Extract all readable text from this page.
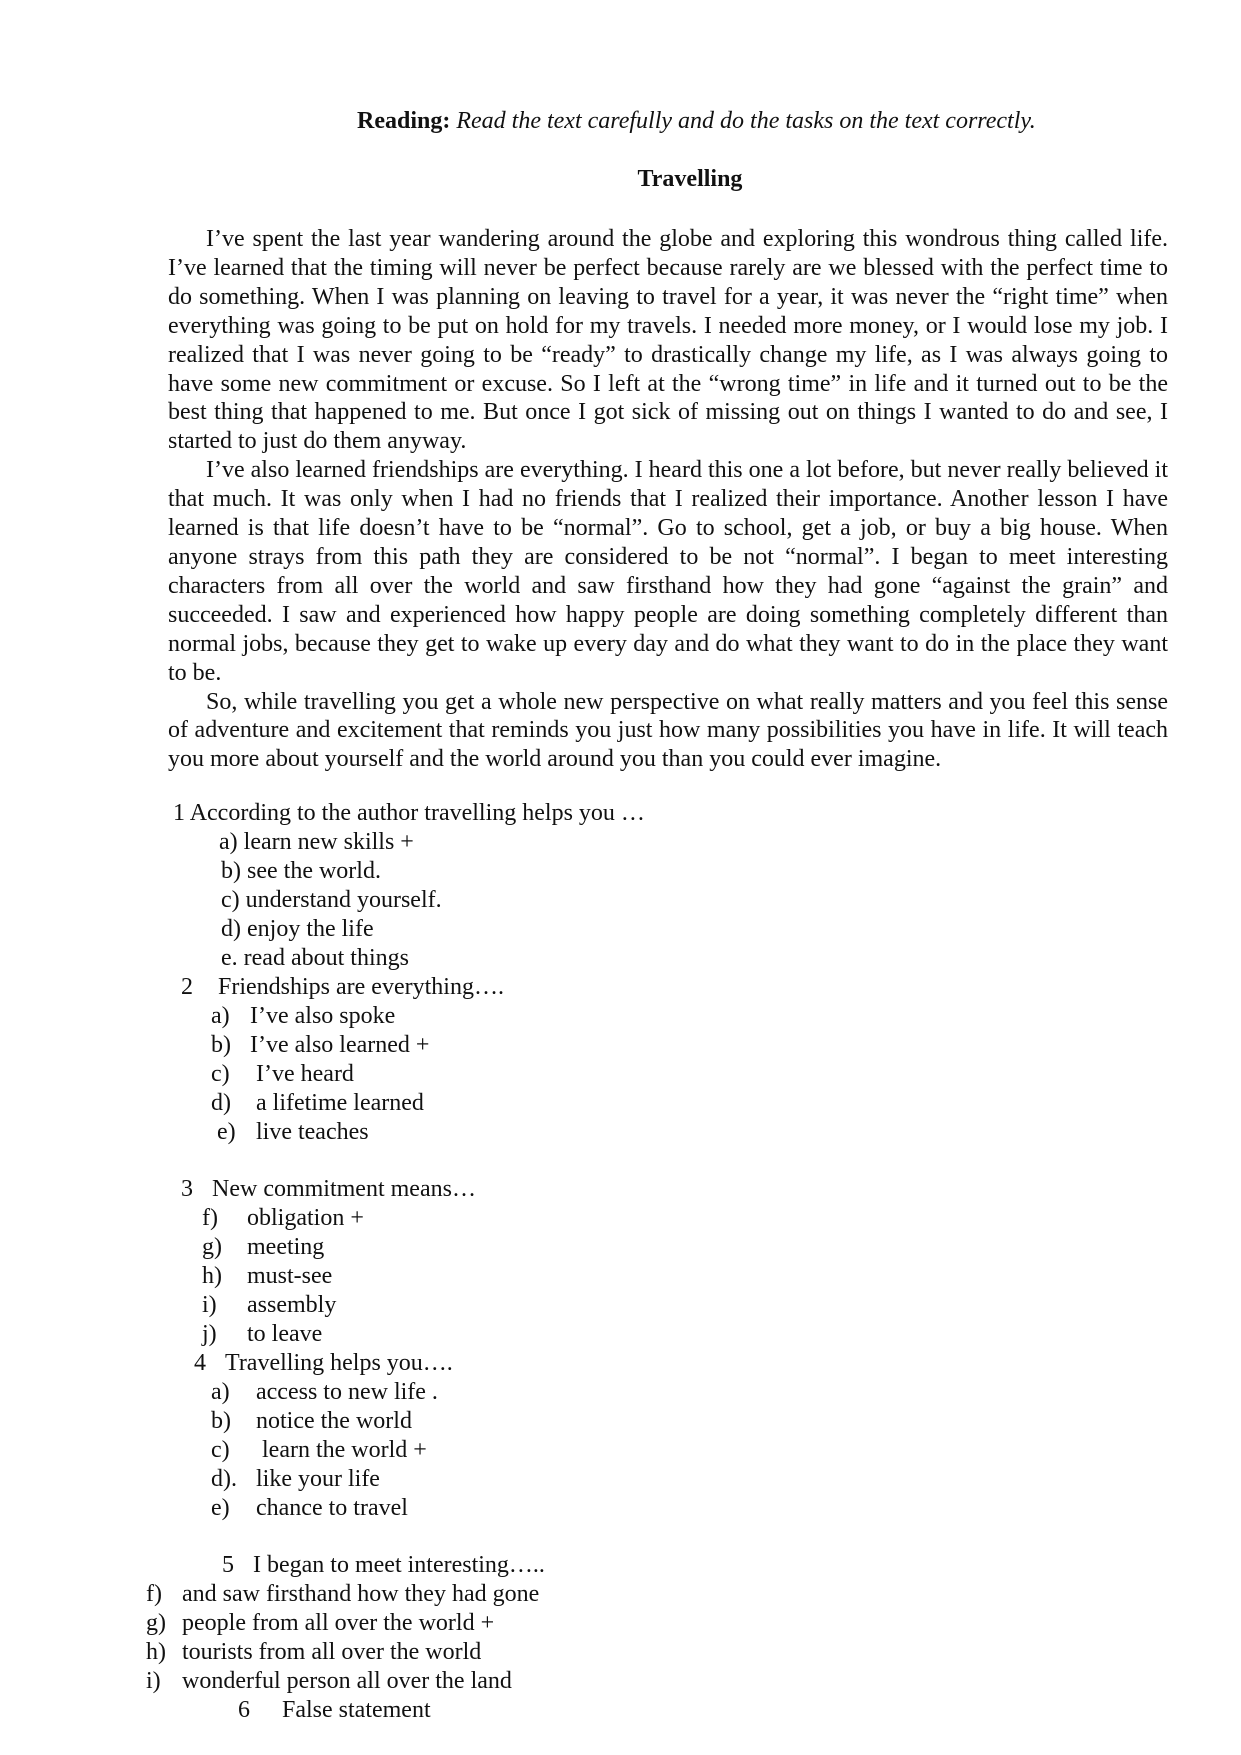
Reading: Read the text carefully and do the tasks on the text correctly.
Travelling

I’ve spent the last year wandering around the globe and exploring this wondrous thing called life. I’ve learned that the timing will never be perfect because rarely are we blessed with the perfect time to do something. When I was planning on leaving to travel for a year, it was never the “right time” when everything was going to be put on hold for my travels. I needed more money, or I would lose my job. I realized that I was never going to be “ready” to drastically change my life, as I was always going to have some new commitment or excuse. So I left at the “wrong time” in life and it turned out to be the best thing that happened to me. But once I got sick of missing out on things I wanted to do and see, I started to just do them anyway.

I’ve also learned friendships are everything. I heard this one a lot before, but never really believed it that much. It was only when I had no friends that I realized their importance. Another lesson I have learned is that life doesn’t have to be “normal”. Go to school, get a job, or buy a big house. When anyone strays from this path they are considered to be not “normal”. I began to meet interesting characters from all over the world and saw firsthand how they had gone “against the grain” and succeeded. I saw and experienced how happy people are doing something completely different than normal jobs, because they get to wake up every day and do what they want to do in the place they want to be.

So, while travelling you get a whole new perspective on what really matters and you feel this sense of adventure and excitement that reminds you just how many possibilities you have in life. It will teach you more about yourself and the world around you than you could ever imagine.

1 According to the author travelling helps you …
a) learn new skills +
b) see the world.
c) understand yourself.
d) enjoy the life
e. read about things
2 Friendships are everything….
a) I’ve also spoke
b) I’ve also learned +
c) I’ve heard
d) a lifetime learned
e) live teaches
3 New commitment means…
f) obligation +
g) meeting
h) must-see
i) assembly
j) to leave
4 Travelling helps you….
a) access to new life .
b) notice the world
c) learn the world +
d). like your life
e) chance to travel
5 I began to meet interesting…..
f) and saw firsthand how they had gone
g) people from all over the world +
h) tourists from all over the world
i) wonderful person all over the land
6 False statement
